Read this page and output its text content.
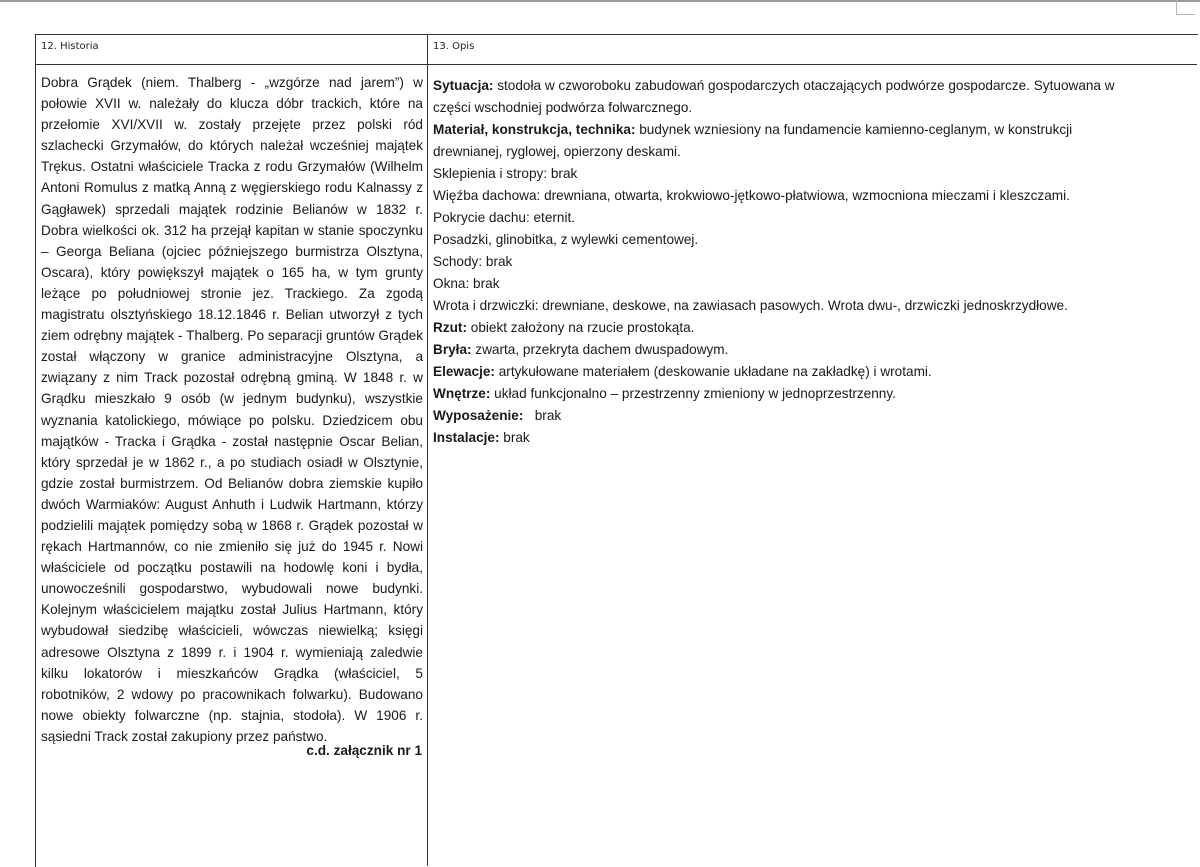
12. Historia	13. Opis
Dobra Grądek (niem. Thalberg - „wzgórze nad jarem”) w połowie XVII w. należały do klucza dóbr trackich, które na przełomie XVI/XVII w. zostały przejęte przez polski ród szlachecki Grzymałów, do których należał wcześniej majątek Trękus. Ostatni właściciele Tracka z rodu Grzymałów (Wilhelm Antoni Romulus z matką Anną z węgierskiego rodu Kalnassy z Gągławek) sprzedali majątek rodzinie Belianów w 1832 r. Dobra wielkości ok. 312 ha przejął kapitan w stanie spoczynku – Georga Beliana (ojciec późniejszego burmistrza Olsztyna, Oscara), który powiększył majątek o 165 ha, w tym grunty leżące po południowej stronie jez. Trackiego. Za zgodą magistratu olsztyńskiego 18.12.1846 r. Belian utworzył z tych ziem odrębny majątek - Thalberg. Po separacji gruntów Grądek został włączony w granice administracyjne Olsztyna, a związany z nim Track pozostał odrębną gminą. W 1848 r. w Grądku mieszkało 9 osób (w jednym budynku), wszystkie wyznania katolickiego, mówiące po polsku. Dziedzicem obu majątków - Tracka i Grądka - został następnie Oscar Belian, który sprzedał je w 1862 r., a po studiach osiadł w Olsztynie, gdzie został burmistrzem. Od Belianów dobra ziemskie kupiło dwóch Warmiaków: August Anhuth i Ludwik Hartmann, którzy podzielili majątek pomiędzy sobą w 1868 r. Grądek pozostał w rękach Hartmannów, co nie zmieniło się już do 1945 r. Nowi właściciele od początku postawili na hodowlę koni i bydła, unowocześnili gospodarstwo, wybudowali nowe budynki. Kolejnym właścicielem majątku został Julius Hartmann, który wybudował siedzibę właścicieli, wówczas niewielką; księgi adresowe Olsztyna z 1899 r. i 1904 r. wymieniają zaledwie kilku lokatorów i mieszkańców Grądka (właściciel, 5 robotników, 2 wdowy po pracownikach folwarku). Budowano nowe obiekty folwarczne (np. stajnia, stodoła). W 1906 r. sąsiedni Track został zakupiony przez państwo.
c.d. załącznik nr 1

Sytuacja: stodoła w czworoboku zabudowań gospodarczych otaczających podwórze gospodarcze. Sytuowana w

części wschodniej podwórza folwarcznego.

Materiał, konstrukcja, technika: budynek wzniesiony na fundamencie kamienno-ceglanym, w konstrukcji

drewnianej, ryglowej, opierzony deskami.

Sklepienia i stropy: brak

Więźba dachowa: drewniana, otwarta, krokwiowo-jętkowo-płatwiowa, wzmocniona mieczami i kleszczami.

Pokrycie dachu: eternit.

Posadzki, glinobitka, z wylewki cementowej.

Schody: brak

Okna: brak

Wrota i drzwiczki: drewniane, deskowe, na zawiasach pasowych. Wrota dwu-, drzwiczki jednoskrzydłowe.

Rzut: obiekt założony na rzucie prostokąta.

Bryła: zwarta, przekryta dachem dwuspadowym.

Elewacje: artykułowane materiałem (deskowanie układane na zakładkę) i wrotami.

Wnętrze: układ funkcjonalno – przestrzenny zmieniony w jednoprzestrzenny.

Wyposażenie:   brak

Instalacje: brak
